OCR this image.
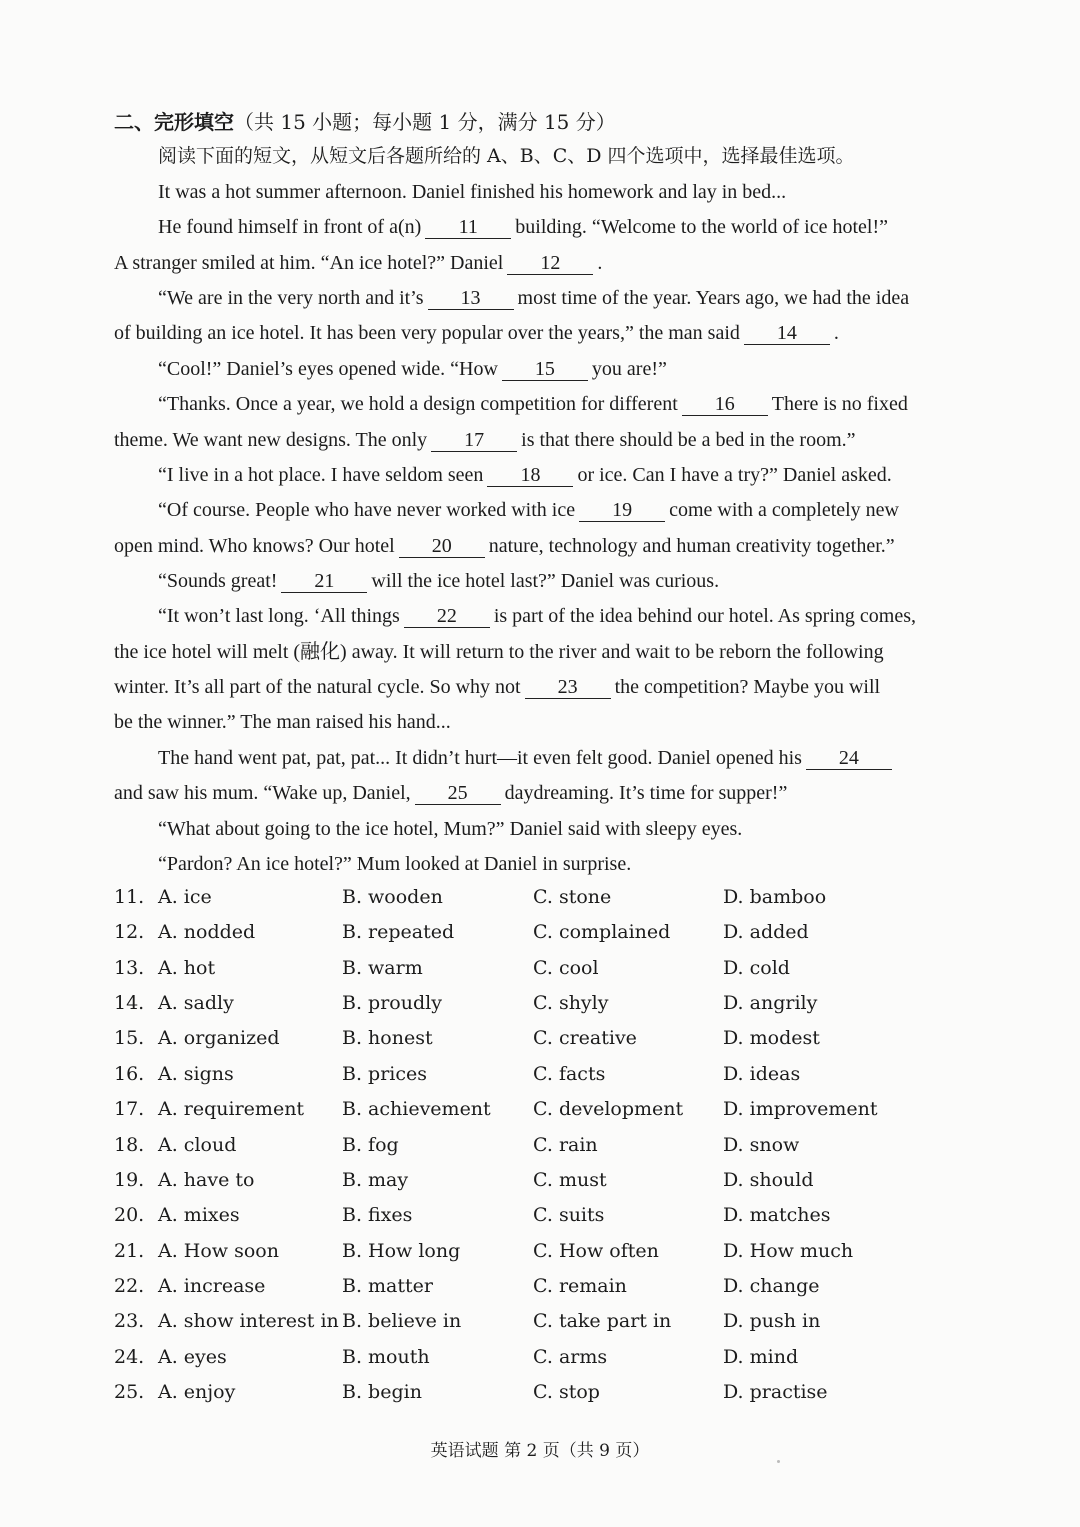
二、完形填空（共 15 小题；每小题 1 分，满分 15 分）
阅读下面的短文，从短文后各题所给的 A、B、C、D 四个选项中，选择最佳选项。
It was a hot summer afternoon. Daniel finished his homework and lay in bed...
He found himself in front of a(n) 11 building. “Welcome to the world of ice hotel!”
A stranger smiled at him. “An ice hotel?” Daniel 12 .
“We are in the very north and it’s 13 most time of the year. Years ago, we had the idea
of building an ice hotel. It has been very popular over the years,” the man said 14 .
“Cool!” Daniel’s eyes opened wide. “How 15 you are!”
“Thanks. Once a year, we hold a design competition for different 16 There is no fixed
theme. We want new designs. The only 17 is that there should be a bed in the room.”
“I live in a hot place. I have seldom seen 18 or ice. Can I have a try?” Daniel asked.
“Of course. People who have never worked with ice 19 come with a completely new
open mind. Who knows? Our hotel 20 nature, technology and human creativity together.”
“Sounds great! 21 will the ice hotel last?” Daniel was curious.
“It won’t last long. ‘All things 22 is part of the idea behind our hotel. As spring comes,
the ice hotel will melt (融化) away. It will return to the river and wait to be reborn the following
winter. It’s all part of the natural cycle. So why not 23 the competition? Maybe you will
be the winner.” The man raised his hand...
The hand went pat, pat, pat... It didn’t hurt—it even felt good. Daniel opened his 24
and saw his mum. “Wake up, Daniel, 25 daydreaming. It’s time for supper!”
“What about going to the ice hotel, Mum?” Daniel said with sleepy eyes.
“Pardon? An ice hotel?” Mum looked at Daniel in surprise.
11. A. ice	B. wooden	C. stone	D. bamboo
12. A. nodded	B. repeated	C. complained	D. added
13. A. hot	B. warm	C. cool	D. cold
14. A. sadly	B. proudly	C. shyly	D. angrily
15. A. organized	B. honest	C. creative	D. modest
16. A. signs	B. prices	C. facts	D. ideas
17. A. requirement B. achievement C. development D. improvement
18. A. cloud	B. fog	C. rain	D. snow
19. A. have to	B. may	C. must	D. should
20. A. mixes	B. fixes	C. suits	D. matches
21. A. How soon	B. How long	C. How often	D. How much
22. A. increase	B. matter	C. remain	D. change
23. A. show interest in B. believe in	C. take part in	D. push in
24. A. eyes	B. mouth	C. arms	D. mind
25. A. enjoy	B. begin	C. stop	D. practise
英语试题 第 2 页（共 9 页）
